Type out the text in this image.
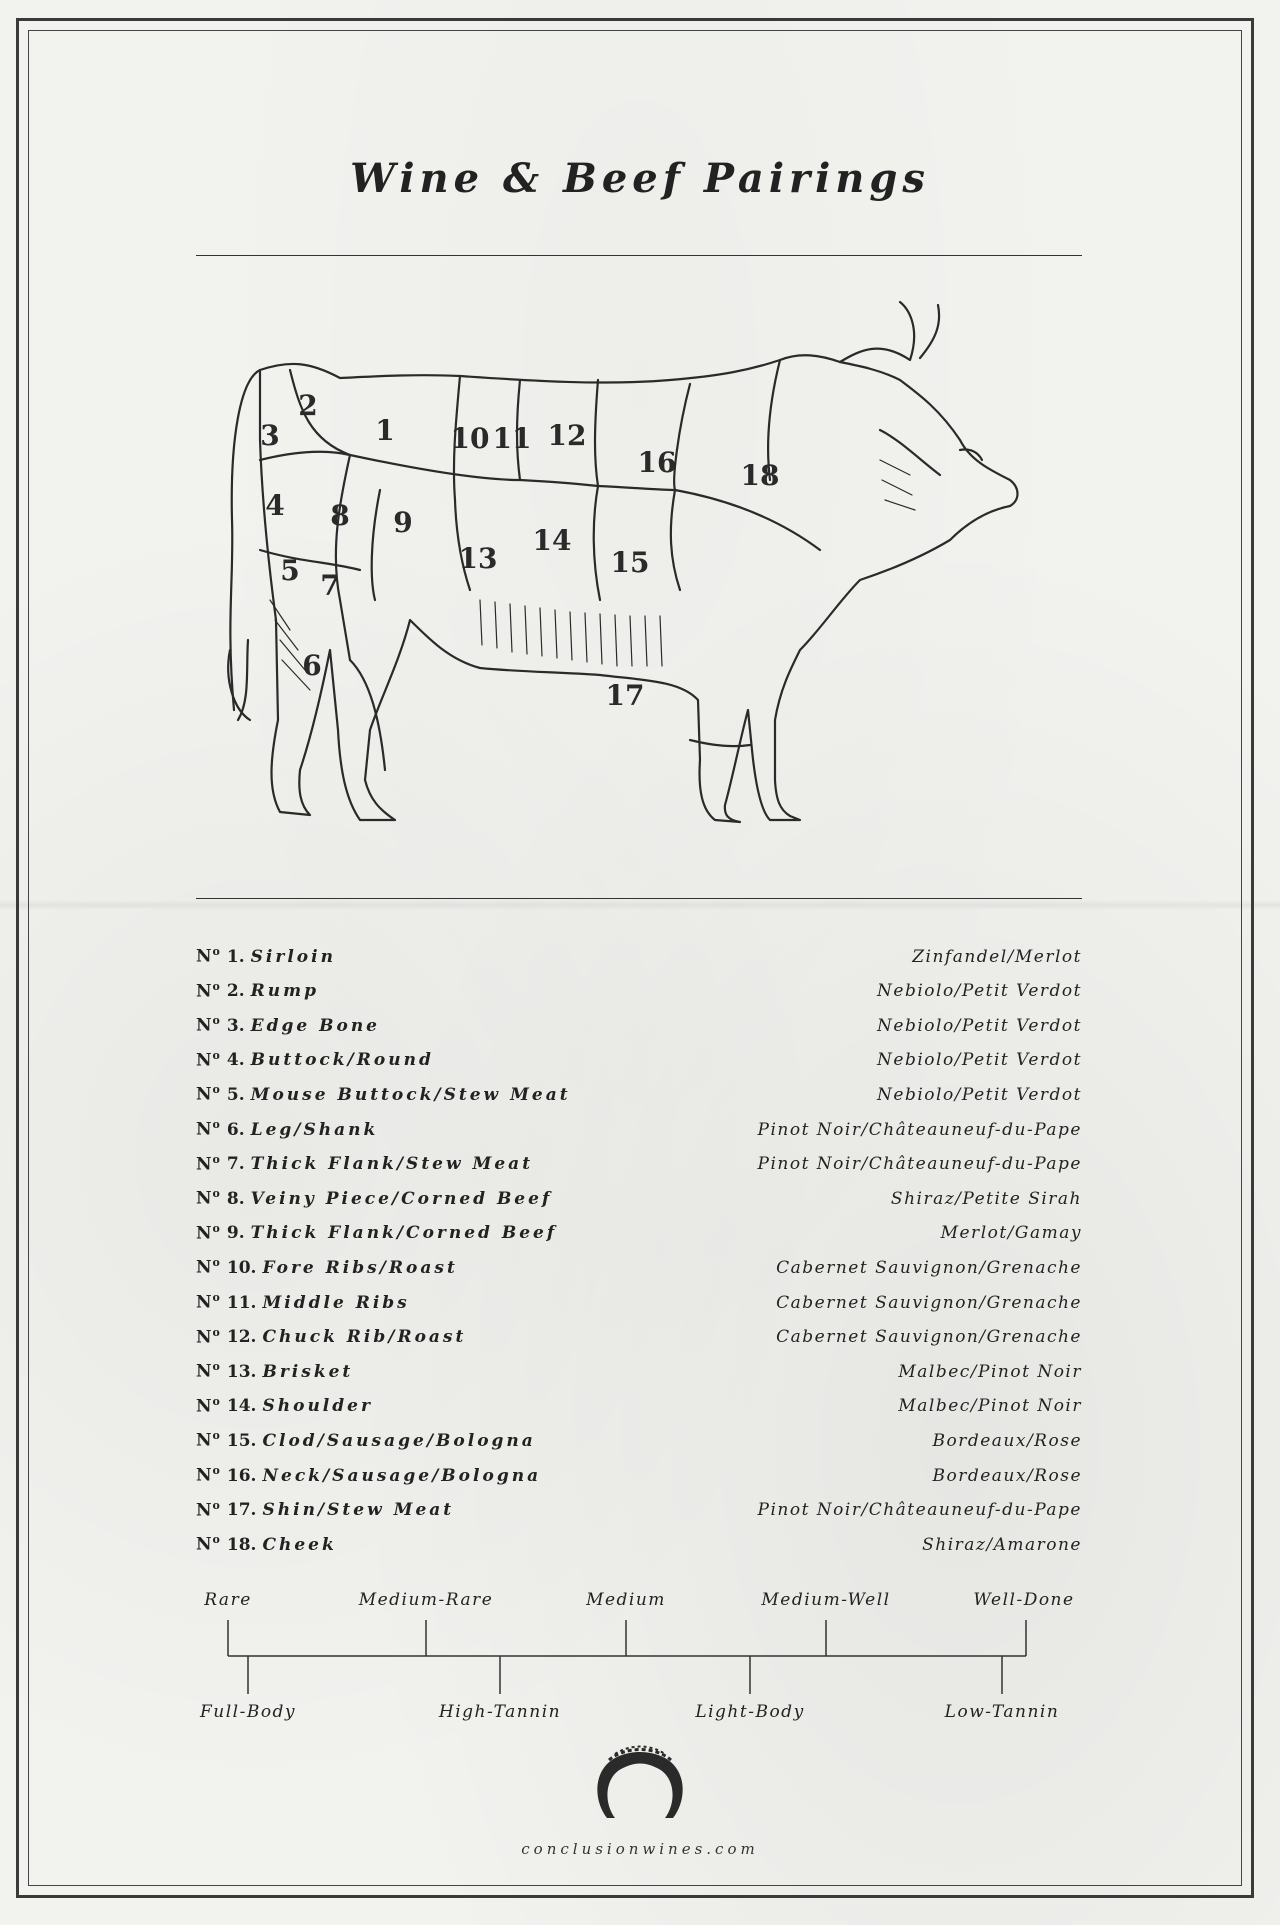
Wine & Beef Pairings
2
1
3
4
5
6
7
8 9
10 11 12
13
14
16
15
18
17
$N^o$ 1. Sirloin	Zinfandel/Merlot
$N^o$ 2. Rump	Nebiolo/Petit Verdot
$N^o$ 3. Edge Bone	Nebiolo/Petit Verdot
$N^o$ 4. Buttock/Round	Nebiolo/Petit Verdot
$N^o$ 5. Mouse Buttock/Stew Meat	Nebiolo/Petit Verdot
$N^o$ 6. Leg/Shank	Pinot Noir/Châteauneuf-du-Pape
$N^o$ 7. Thick Flank/Stew Meat	Pinot Noir/Châteauneuf-du-Pape
$N^o$ 8. Veiny Piece/Corned Beef	Shiraz/Petite Sirah
$N^o$ 9. Thick Flank/Corned Beef	Merlot/Gamay
$N^o$ 10. Fore Ribs/Roast	Cabernet Sauvignon/Grenache
$N^o$ 11. Middle Ribs	Cabernet Sauvignon/Grenache
$N^o$ 12. Chuck Rib/Roast	Cabernet Sauvignon/Grenache
$N^o$ 13. Brisket	Malbec/Pinot Noir
$N^o$ 14. Shoulder	Malbec/Pinot Noir
$N^o$ 15. Clod/Sausage/Bologna	Bordeaux/Rose
$N^o$ 16. Neck/Sausage/Bologna	Bordeaux/Rose
$N^o$ 17. Shin/Stew Meat	Pinot Noir/Châteauneuf-du-Pape
$N^o$ 18. Cheek	Shiraz/Amarone
Rare	Medium-Rare	Medium	Medium-Well	Well-Done
Full-Body	High-Tannin	Light-Body	Low-Tannin
conclusionwines.com
